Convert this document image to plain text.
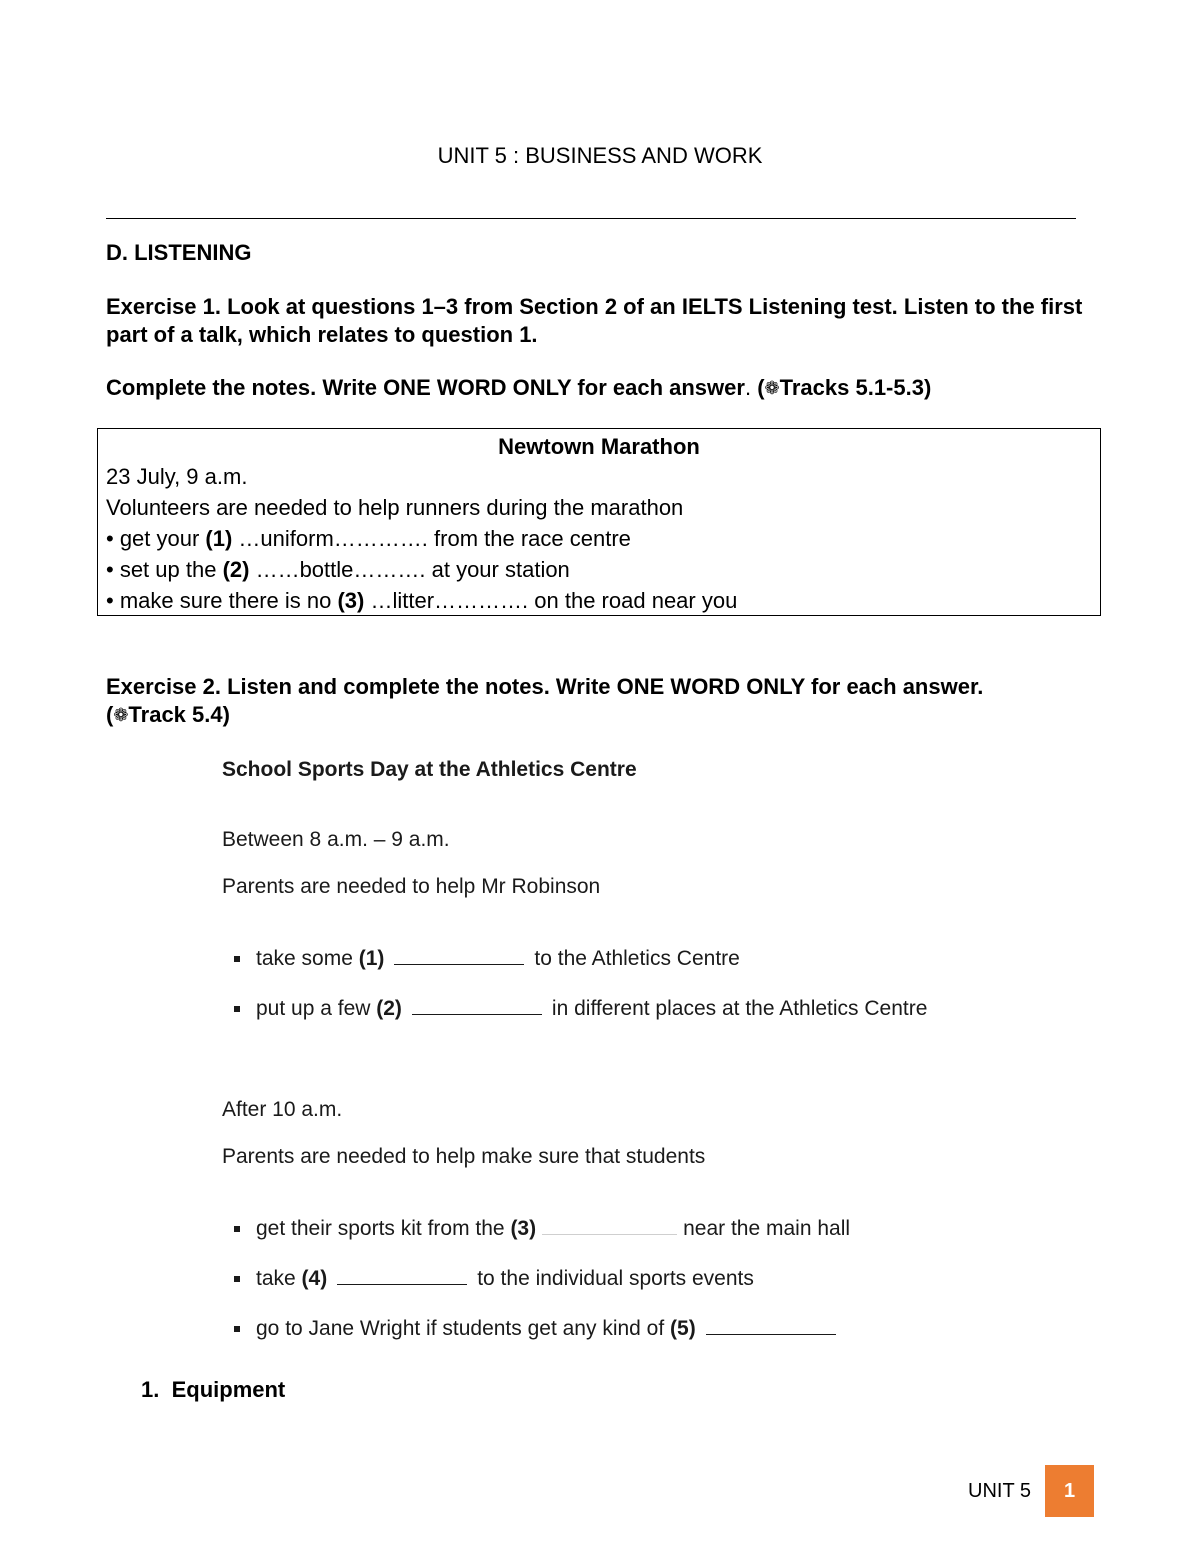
UNIT 5 : BUSINESS AND WORK
D. LISTENING
Exercise 1. Look at questions 1–3 from Section 2 of an IELTS Listening test. Listen to the first part of a talk, which relates to question 1.
Complete the notes. Write ONE WORD ONLY for each answer. (❁Tracks 5.1-5.3)
Newtown Marathon
23 July, 9 a.m.
Volunteers are needed to help runners during the marathon
• get your (1) …uniform…………. from the race centre
• set up the (2) ……bottle………. at your station
• make sure there is no (3) …litter…………. on the road near you
Exercise 2. Listen and complete the notes. Write ONE WORD ONLY for each answer.
(❁Track 5.4)
School Sports Day at the Athletics Centre
Between 8 a.m. – 9 a.m.
Parents are needed to help Mr Robinson
take some (1)	to the Athletics Centre
put up a few (2)	in different places at the Athletics Centre
After 10 a.m.
Parents are needed to help make sure that students
get their sports kit from the (3)	near the main hall
take (4)	to the individual sports events
go to Jane Wright if students get any kind of (5)
1. Equipment
UNIT 5	1
